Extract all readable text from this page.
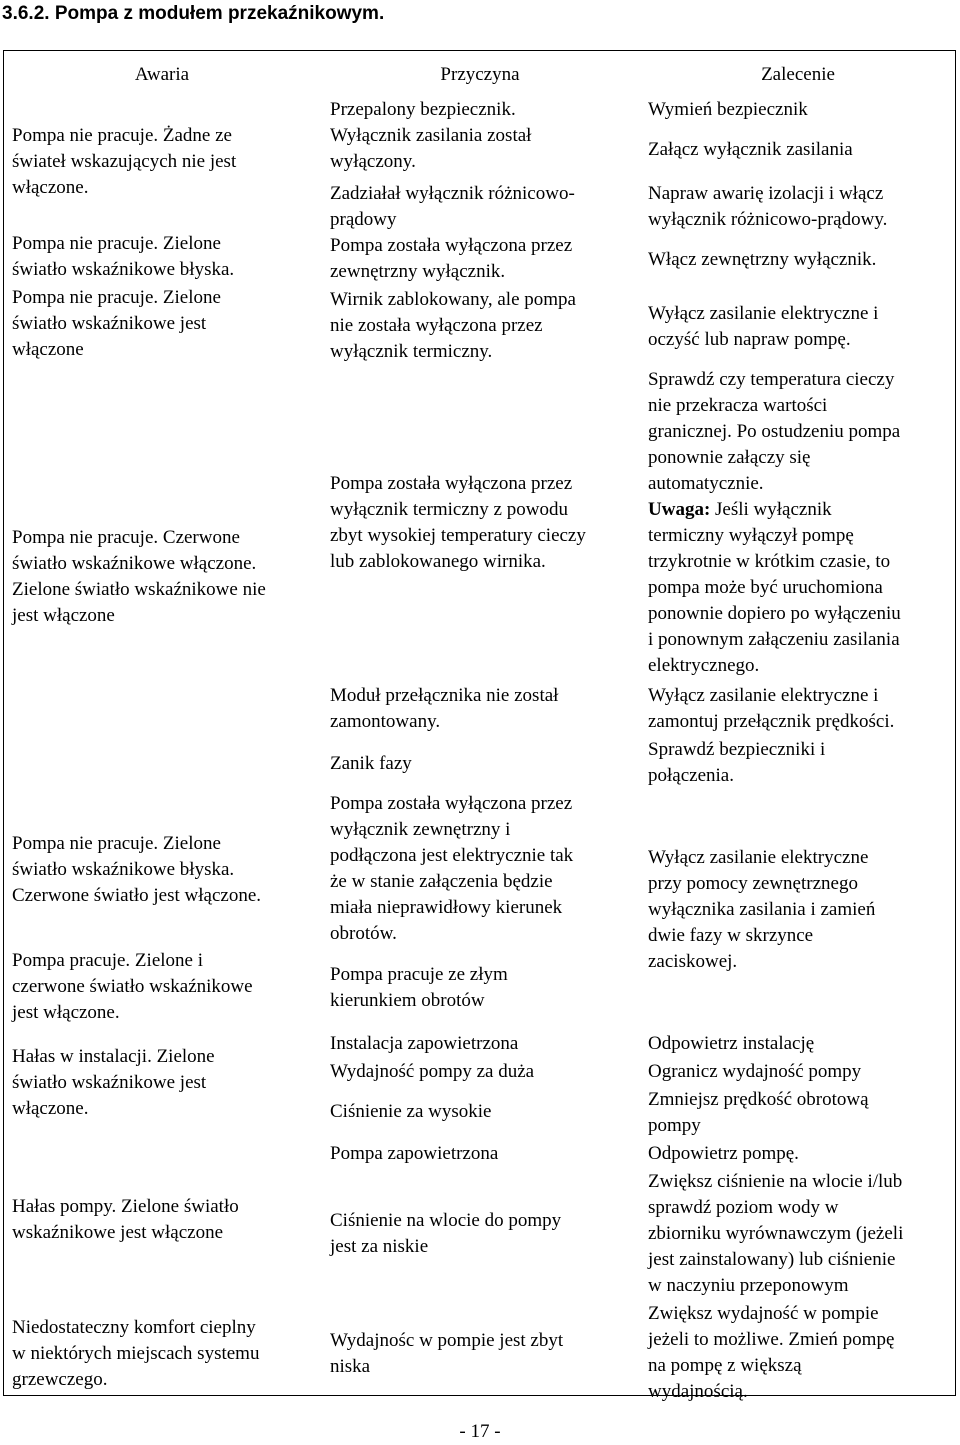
3.6.2. Pompa z modułem przekaźnikowym.
Awaria	Przyczyna	Zalecenie
Pompa nie pracuje. Żadne ze
świateł wskazujących nie jest
włączone.
Pompa nie pracuje. Zielone
światło wskaźnikowe błyska.
Pompa nie pracuje. Zielone
światło wskaźnikowe jest
włączone
Pompa nie pracuje. Czerwone
światło wskaźnikowe włączone.
Zielone światło wskaźnikowe nie
jest włączone
Pompa nie pracuje. Zielone
światło wskaźnikowe błyska.
Czerwone światło jest włączone.
Pompa pracuje. Zielone i
czerwone światło wskaźnikowe
jest włączone.
Hałas w instalacji. Zielone
światło wskaźnikowe jest
włączone.
Hałas pompy. Zielone światło
wskaźnikowe jest włączone
Niedostateczny komfort cieplny
w niektórych miejscach systemu
grzewczego.
Przepalony bezpiecznik.
Wyłącznik zasilania został
wyłączony.
Zadziałał wyłącznik różnicowo-
prądowy
Pompa została wyłączona przez
zewnętrzny wyłącznik.
Wirnik zablokowany, ale pompa
nie została wyłączona przez
wyłącznik termiczny.
Pompa została wyłączona przez
wyłącznik termiczny z powodu
zbyt wysokiej temperatury cieczy
lub zablokowanego wirnika.
Moduł przełącznika nie został
zamontowany.
Zanik fazy
Pompa została wyłączona przez
wyłącznik zewnętrzny i
podłączona jest elektrycznie tak
że w stanie załączenia będzie
miała nieprawidłowy kierunek
obrotów.
Pompa pracuje ze złym
kierunkiem obrotów
Instalacja zapowietrzona
Wydajność pompy za duża
Ciśnienie za wysokie
Pompa zapowietrzona
Ciśnienie na wlocie do pompy
jest za niskie
Wydajnośc w pompie jest zbyt
niska
Wymień bezpiecznik
Załącz wyłącznik zasilania
Napraw awarię izolacji i włącz
wyłącznik różnicowo-prądowy.
Włącz zewnętrzny wyłącznik.
Wyłącz zasilanie elektryczne i
oczyść lub napraw pompę.
Sprawdź czy temperatura cieczy
nie przekracza wartości
granicznej. Po ostudzeniu pompa
ponownie załączy się
automatycznie.
Uwaga: Jeśli wyłącznik
termiczny wyłączył pompę
trzykrotnie w krótkim czasie, to
pompa może być uruchomiona
ponownie dopiero po wyłączeniu
i ponownym załączeniu zasilania
elektrycznego.
Wyłącz zasilanie elektryczne i
zamontuj przełącznik prędkości.
Sprawdź bezpieczniki i
połączenia.
Wyłącz zasilanie elektryczne
przy pomocy zewnętrznego
wyłącznika zasilania i zamień
dwie fazy w skrzynce
zaciskowej.
Odpowietrz instalację
Ogranicz wydajność pompy
Zmniejsz prędkość obrotową
pompy
Odpowietrz pompę.
Zwiększ ciśnienie na wlocie i/lub
sprawdź poziom wody w
zbiorniku wyrównawczym (jeżeli
jest zainstalowany) lub ciśnienie
w naczyniu przeponowym
Zwiększ wydajność w pompie
jeżeli to możliwe. Zmień pompę
na pompę z większą
wydajnością.
- 17 -
